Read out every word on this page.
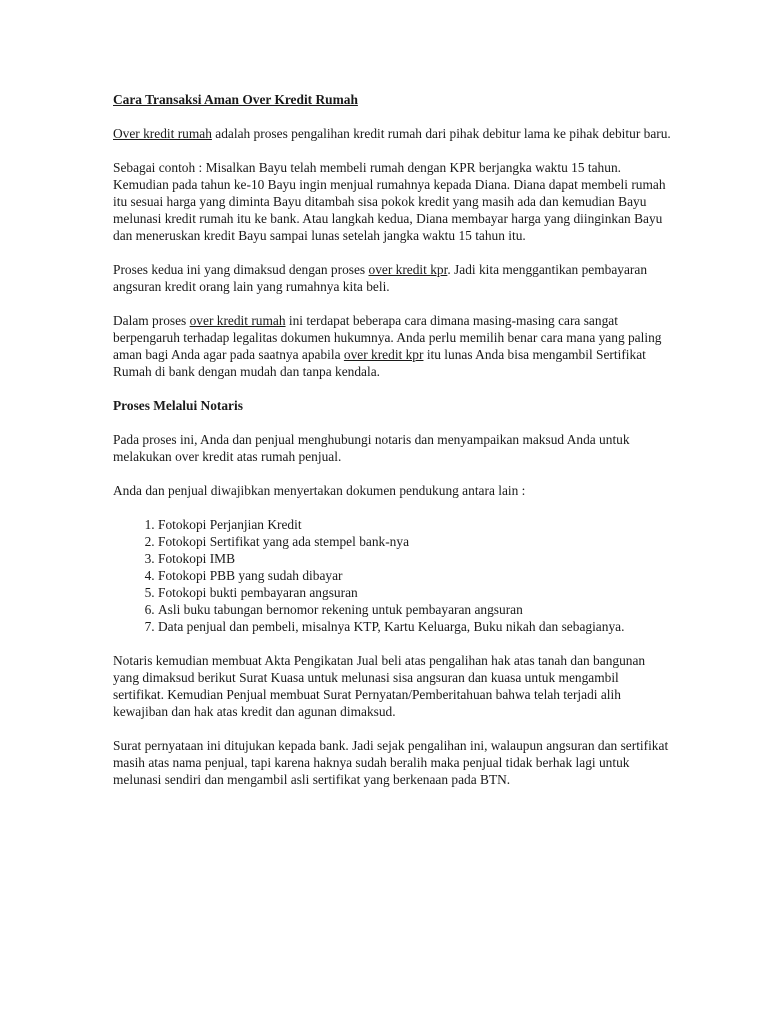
Cara Transaksi Aman Over Kredit Rumah

Over kredit rumah adalah proses pengalihan kredit rumah dari pihak debitur lama ke pihak debitur baru.

Sebagai contoh : Misalkan Bayu telah membeli rumah dengan KPR berjangka waktu 15 tahun. Kemudian pada tahun ke-10 Bayu ingin menjual rumahnya kepada Diana. Diana dapat membeli rumah itu sesuai harga yang diminta Bayu ditambah sisa pokok kredit yang masih ada dan kemudian Bayu melunasi kredit rumah itu ke bank. Atau langkah kedua, Diana membayar harga yang diinginkan Bayu dan meneruskan kredit Bayu sampai lunas setelah jangka waktu 15 tahun itu.

Proses kedua ini yang dimaksud dengan proses over kredit kpr. Jadi kita menggantikan pembayaran angsuran kredit orang lain yang rumahnya kita beli.

Dalam proses over kredit rumah ini terdapat beberapa cara dimana masing-masing cara sangat berpengaruh terhadap legalitas dokumen hukumnya. Anda perlu memilih benar cara mana yang paling aman bagi Anda agar pada saatnya apabila over kredit kpr itu lunas Anda bisa mengambil Sertifikat Rumah di bank dengan mudah dan tanpa kendala.

Proses Melalui Notaris

Pada proses ini, Anda dan penjual menghubungi notaris dan menyampaikan maksud Anda untuk melakukan over kredit atas rumah penjual.

Anda dan penjual diwajibkan menyertakan dokumen pendukung antara lain :

1. Fotokopi Perjanjian Kredit
2. Fotokopi Sertifikat yang ada stempel bank-nya
3. Fotokopi IMB
4. Fotokopi PBB yang sudah dibayar
5. Fotokopi bukti pembayaran angsuran
6. Asli buku tabungan bernomor rekening untuk pembayaran angsuran
7. Data penjual dan pembeli, misalnya KTP, Kartu Keluarga, Buku nikah dan sebagianya.

Notaris kemudian membuat Akta Pengikatan Jual beli atas pengalihan hak atas tanah dan bangunan yang dimaksud berikut Surat Kuasa untuk melunasi sisa angsuran dan kuasa untuk mengambil sertifikat. Kemudian Penjual membuat Surat Pernyatan/Pemberitahuan bahwa telah terjadi alih kewajiban dan hak atas kredit dan agunan dimaksud.

Surat pernyataan ini ditujukan kepada bank. Jadi sejak pengalihan ini, walaupun angsuran dan sertifikat masih atas nama penjual, tapi karena haknya sudah beralih maka penjual tidak berhak lagi untuk melunasi sendiri dan mengambil asli sertifikat yang berkenaan pada BTN.
